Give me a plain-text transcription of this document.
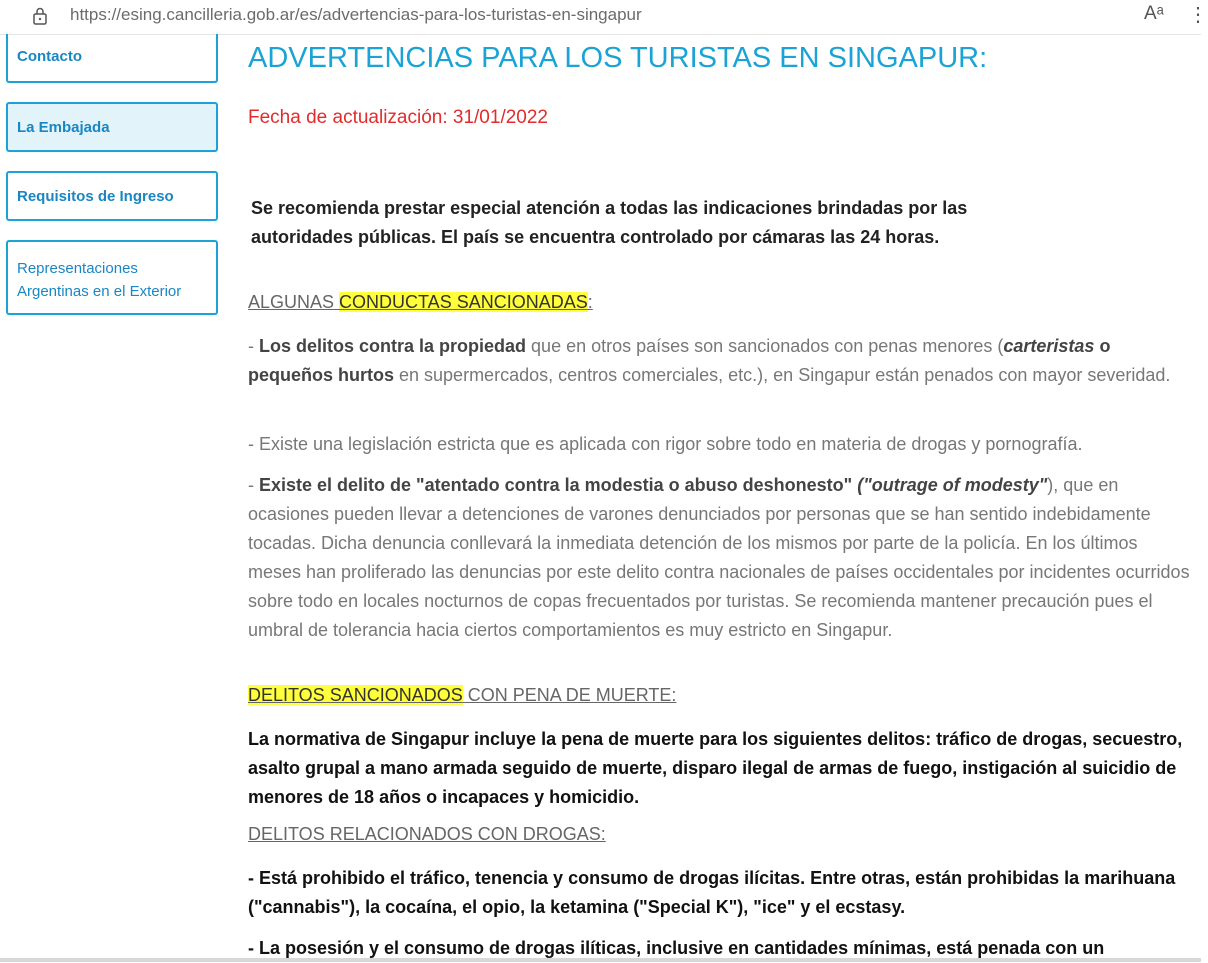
https://esing.cancilleria.gob.ar/es/advertencias-para-los-turistas-en-singapur	Aᵃ ⋮
Contacto
La Embajada
Requisitos de Ingreso
Representaciones Argentinas en el Exterior
ADVERTENCIAS PARA LOS TURISTAS EN SINGAPUR:
Fecha de actualización: 31/01/2022
Se recomienda prestar especial atención a todas las indicaciones brindadas por las autoridades públicas. El país se encuentra controlado por cámaras las 24 horas.
ALGUNAS CONDUCTAS SANCIONADAS:
- Los delitos contra la propiedad que en otros países son sancionados con penas menores (carteristas o pequeños hurtos en supermercados, centros comerciales, etc.), en Singapur están penados con mayor severidad.
- Existe una legislación estricta que es aplicada con rigor sobre todo en materia de drogas y pornografía.
- Existe el delito de "atentado contra la modestia o abuso deshonesto" ("outrage of modesty"), que en ocasiones pueden llevar a detenciones de varones denunciados por personas que se han sentido indebidamente tocadas. Dicha denuncia conllevará la inmediata detención de los mismos por parte de la policía. En los últimos meses han proliferado las denuncias por este delito contra nacionales de países occidentales por incidentes ocurridos sobre todo en locales nocturnos de copas frecuentados por turistas. Se recomienda mantener precaución pues el umbral de tolerancia hacia ciertos comportamientos es muy estricto en Singapur.
DELITOS SANCIONADOS CON PENA DE MUERTE:
La normativa de Singapur incluye la pena de muerte para los siguientes delitos: tráfico de drogas, secuestro, asalto grupal a mano armada seguido de muerte, disparo ilegal de armas de fuego, instigación al suicidio de menores de 18 años o incapaces y homicidio.
DELITOS RELACIONADOS CON DROGAS:
- Está prohibido el tráfico, tenencia y consumo de drogas ilícitas. Entre otras, están prohibidas la marihuana ("cannabis"), la cocaína, el opio, la ketamina ("Special K"), "ice" y el ecstasy.
- La posesión y el consumo de drogas ilíticas, inclusive en cantidades mínimas, está penada con un
